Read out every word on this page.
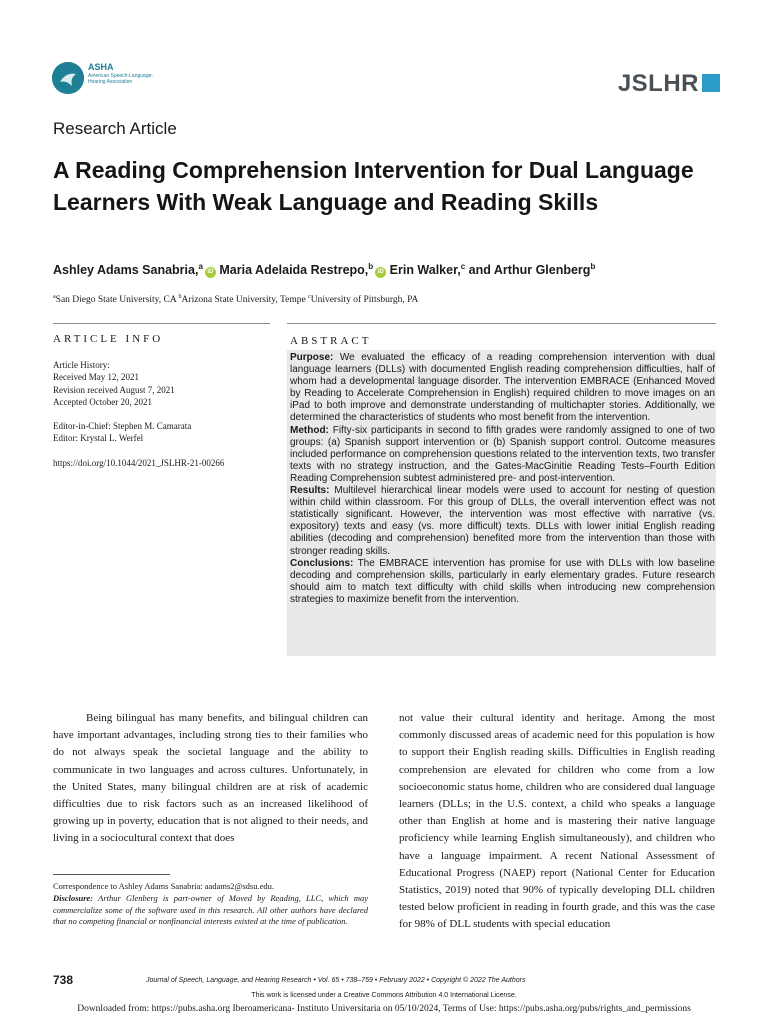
ASHA
American Speech-Language-Hearing Association	JSLHR
Research Article
A Reading Comprehension Intervention for Dual Language Learners With Weak Language and Reading Skills
Ashley Adams Sanabria,$^a$iD Maria Adelaida Restrepo,$^b$iD Erin Walker,$^c$ and Arthur Glenberg$^b$
$^a$San Diego State University, CA $^b$Arizona State University, Tempe $^c$University of Pittsburgh, PA
ARTICLE INFO
Article History:
Received May 12, 2021
Revision received August 7, 2021
Accepted October 20, 2021
Editor-in-Chief: Stephen M. Camarata
Editor: Krystal L. Werfel
https://doi.org/10.1044/2021_JSLHR-21-00266
ABSTRACT

Purpose: We evaluated the efficacy of a reading comprehension intervention with dual language learners (DLLs) with documented English reading comprehension difficulties, half of whom had a developmental language disorder. The intervention EMBRACE (Enhanced Moved by Reading to Accelerate Comprehension in English) required children to move images on an iPad to both improve and demonstrate understanding of multichapter stories. Additionally, we determined the characteristics of students who most benefit from the intervention.

Method: Fifty-six participants in second to fifth grades were randomly assigned to one of two groups: (a) Spanish support intervention or (b) Spanish support control. Outcome measures included performance on comprehension questions related to the intervention texts, two transfer texts with no strategy instruction, and the Gates-MacGinitie Reading Tests–Fourth Edition Reading Comprehension subtest administered pre- and post-intervention.

Results: Multilevel hierarchical linear models were used to account for nesting of question within child within classroom. For this group of DLLs, the overall intervention effect was not statistically significant. However, the intervention was most effective with narrative (vs. expository) texts and easy (vs. more difficult) texts. DLLs with lower initial English reading abilities (decoding and comprehension) benefited more from the intervention than those with stronger reading skills.

Conclusions: The EMBRACE intervention has promise for use with DLLs with low baseline decoding and comprehension skills, particularly in early elementary grades. Future research should aim to match text difficulty with child skills when introducing new comprehension strategies to maximize benefit from the intervention.

Being bilingual has many benefits, and bilingual children can have important advantages, including strong ties to their families who do not always speak the societal language and the ability to communicate in two languages and across cultures. Unfortunately, in the United States, many bilingual children are at risk of academic difficulties due to risk factors such as an increased likelihood of growing up in poverty, education that is not aligned to their needs, and living in a sociocultural context that does

not value their cultural identity and heritage. Among the most commonly discussed areas of academic need for this population is how to support their English reading skills. Difficulties in English reading comprehension are elevated for children who come from a low socioeconomic status home, children who are considered dual language learners (DLLs; in the U.S. context, a child who speaks a language other than English at home and is mastering their native language proficiency while learning English simultaneously), and children who have a language impairment. A recent National Assessment of Educational Progress (NAEP) report (National Center for Education Statistics, 2019) noted that 90% of typically developing DLL children tested below proficient in reading in fourth grade, and this was the case for 98% of DLL students with special education

Correspondence to Ashley Adams Sanabria: aadams2@sdsu.edu.
Disclosure: Arthur Glenberg is part-owner of Moved by Reading, LLC, which may commercialize some of the software used in this research. All other authors have declared that no competing financial or nonfinancial interests existed at the time of publication.
738	Journal of Speech, Language, and Hearing Research • Vol. 65 • 738–759 • February 2022 • Copyright © 2022 The Authors
This work is licensed under a Creative Commons Attribution 4.0 International License.
Downloaded from: https://pubs.asha.org Iberoamericana- Instituto Universitaria on 05/10/2024, Terms of Use: https://pubs.asha.org/pubs/rights_and_permissions
